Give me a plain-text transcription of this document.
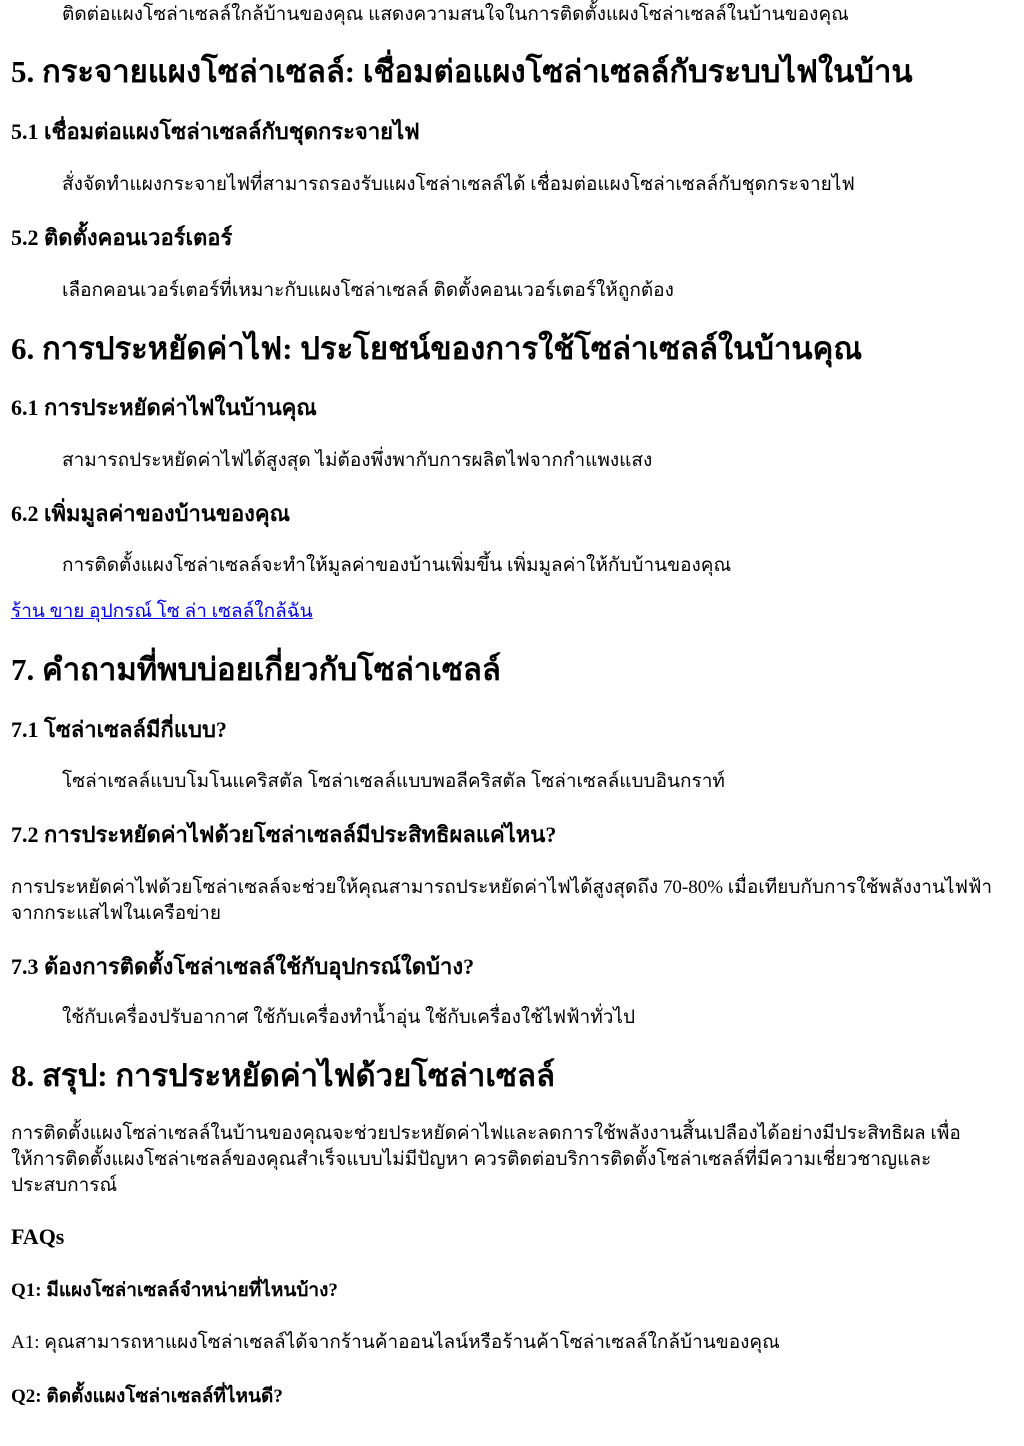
ติดต่อแผงโซล่าเซลล์ใกล้บ้านของคุณ แสดงความสนใจในการติดตั้งแผงโซล่าเซลล์ในบ้านของคุณ
5. กระจายแผงโซล่าเซลล์: เชื่อมต่อแผงโซล่าเซลล์กับระบบไฟในบ้าน
5.1 เชื่อมต่อแผงโซล่าเซลล์กับชุดกระจายไฟ
สั่งจัดทำแผงกระจายไฟที่สามารถรองรับแผงโซล่าเซลล์ได้ เชื่อมต่อแผงโซล่าเซลล์กับชุดกระจายไฟ
5.2 ติดตั้งคอนเวอร์เตอร์
เลือกคอนเวอร์เตอร์ที่เหมาะกับแผงโซล่าเซลล์ ติดตั้งคอนเวอร์เตอร์ให้ถูกต้อง
6. การประหยัดค่าไฟ: ประโยชน์ของการใช้โซล่าเซลล์ในบ้านคุณ
6.1 การประหยัดค่าไฟในบ้านคุณ
สามารถประหยัดค่าไฟได้สูงสุด ไม่ต้องพึ่งพากับการผลิตไฟจากกำแพงแสง
6.2 เพิ่มมูลค่าของบ้านของคุณ
การติดตั้งแผงโซล่าเซลล์จะทำให้มูลค่าของบ้านเพิ่มขึ้น เพิ่มมูลค่าให้กับบ้านของคุณ
ร้าน ขาย อุปกรณ์ โซ ล่า เซลล์ใกล้ฉัน
7. คำถามที่พบบ่อยเกี่ยวกับโซล่าเซลล์
7.1 โซล่าเซลล์มีกี่แบบ?
โซล่าเซลล์แบบโมโนแคริสตัล โซล่าเซลล์แบบพอลีคริสตัล โซล่าเซลล์แบบอินกราท์
7.2 การประหยัดค่าไฟด้วยโซล่าเซลล์มีประสิทธิผลแค่ไหน?
การประหยัดค่าไฟด้วยโซล่าเซลล์จะช่วยให้คุณสามารถประหยัดค่าไฟได้สูงสุดถึง 70-80% เมื่อเทียบกับการใช้พลังงานไฟฟ้าจากกระแสไฟในเครือข่าย
7.3 ต้องการติดตั้งโซล่าเซลล์ใช้กับอุปกรณ์ใดบ้าง?
ใช้กับเครื่องปรับอากาศ ใช้กับเครื่องทำน้ำอุ่น ใช้กับเครื่องใช้ไฟฟ้าทั่วไป
8. สรุป: การประหยัดค่าไฟด้วยโซล่าเซลล์
การติดตั้งแผงโซล่าเซลล์ในบ้านของคุณจะช่วยประหยัดค่าไฟและลดการใช้พลังงานสิ้นเปลืองได้อย่างมีประสิทธิผล เพื่อให้การติดตั้งแผงโซล่าเซลล์ของคุณสำเร็จแบบไม่มีปัญหา ควรติดต่อบริการติดตั้งโซล่าเซลล์ที่มีความเชี่ยวชาญและประสบการณ์
FAQs
Q1: มีแผงโซล่าเซลล์จำหน่ายที่ไหนบ้าง?
A1: คุณสามารถหาแผงโซล่าเซลล์ได้จากร้านค้าออนไลน์หรือร้านค้าโซล่าเซลล์ใกล้บ้านของคุณ
Q2: ติดตั้งแผงโซล่าเซลล์ที่ไหนดี?
